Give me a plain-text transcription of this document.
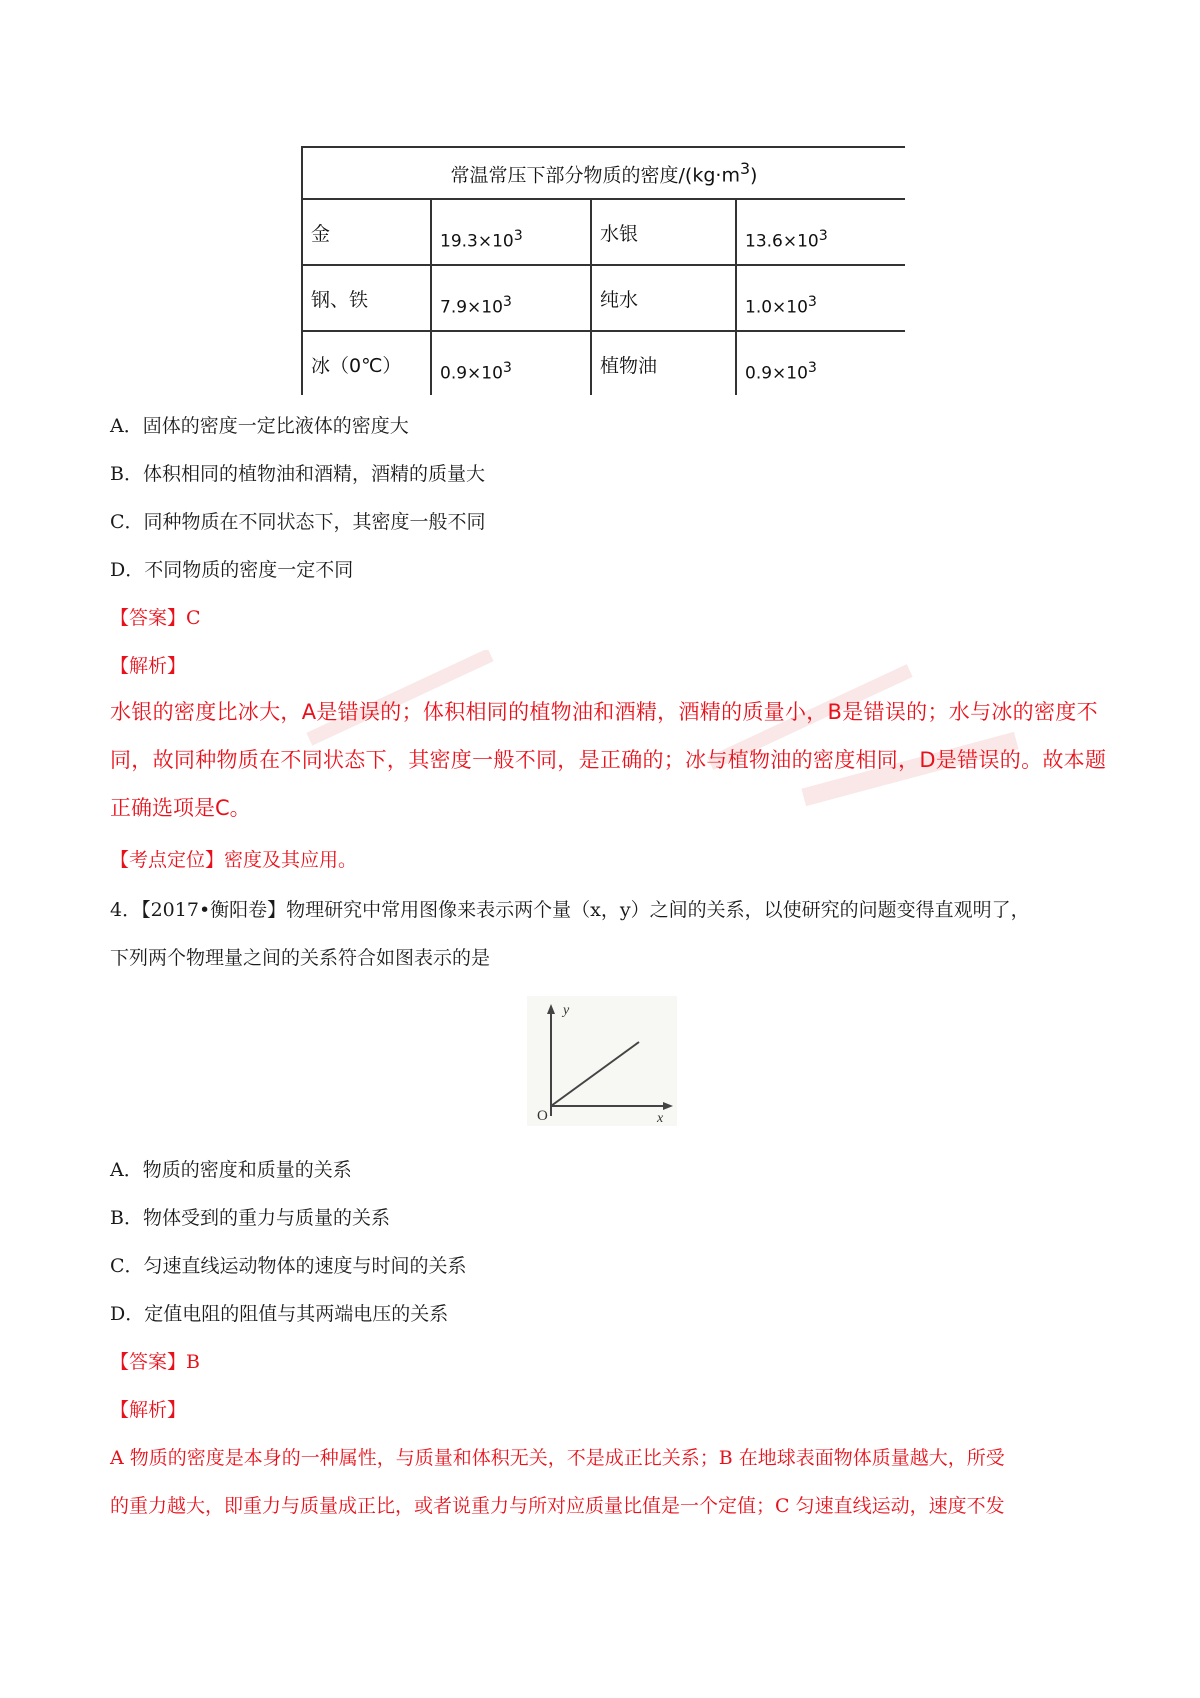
常温常压下部分物质的密度$/(kg\cdot m^3)$			
金	$19.3\times 10^3$	水银	$13.6\times 10^3$
钢、铁	$7.9\times 10^3$	纯水	$1.0\times 10^3$
冰（0℃）	$0.9\times 10^3$	植物油	$0.9\times 10^3$

A．固体的密度一定比液体的密度大
B．体积相同的植物油和酒精，酒精的质量大
C．同种物质在不同状态下，其密度一般不同
D．不同物质的密度一定不同
【答案】C
【解析】
水银的密度比冰大，A是错误的；体积相同的植物油和酒精，酒精的质量小，B是错误的；水与冰的密度不
同，故同种物质在不同状态下，其密度一般不同，是正确的；冰与植物油的密度相同，D是错误的。故本题
正确选项是C。
【考点定位】密度及其应用。
4．【2017•衡阳卷】物理研究中常用图像来表示两个量（x，y）之间的关系，以使研究的问题变得直观明了，
下列两个物理量之间的关系符合如图表示的是
y
x
O
A．物质的密度和质量的关系
B．物体受到的重力与质量的关系
C．匀速直线运动物体的速度与时间的关系
D．定值电阻的阻值与其两端电压的关系
【答案】B
【解析】
A 物质的密度是本身的一种属性，与质量和体积无关，不是成正比关系；B 在地球表面物体质量越大，所受
的重力越大，即重力与质量成正比，或者说重力与所对应质量比值是一个定值；C 匀速直线运动，速度不发
